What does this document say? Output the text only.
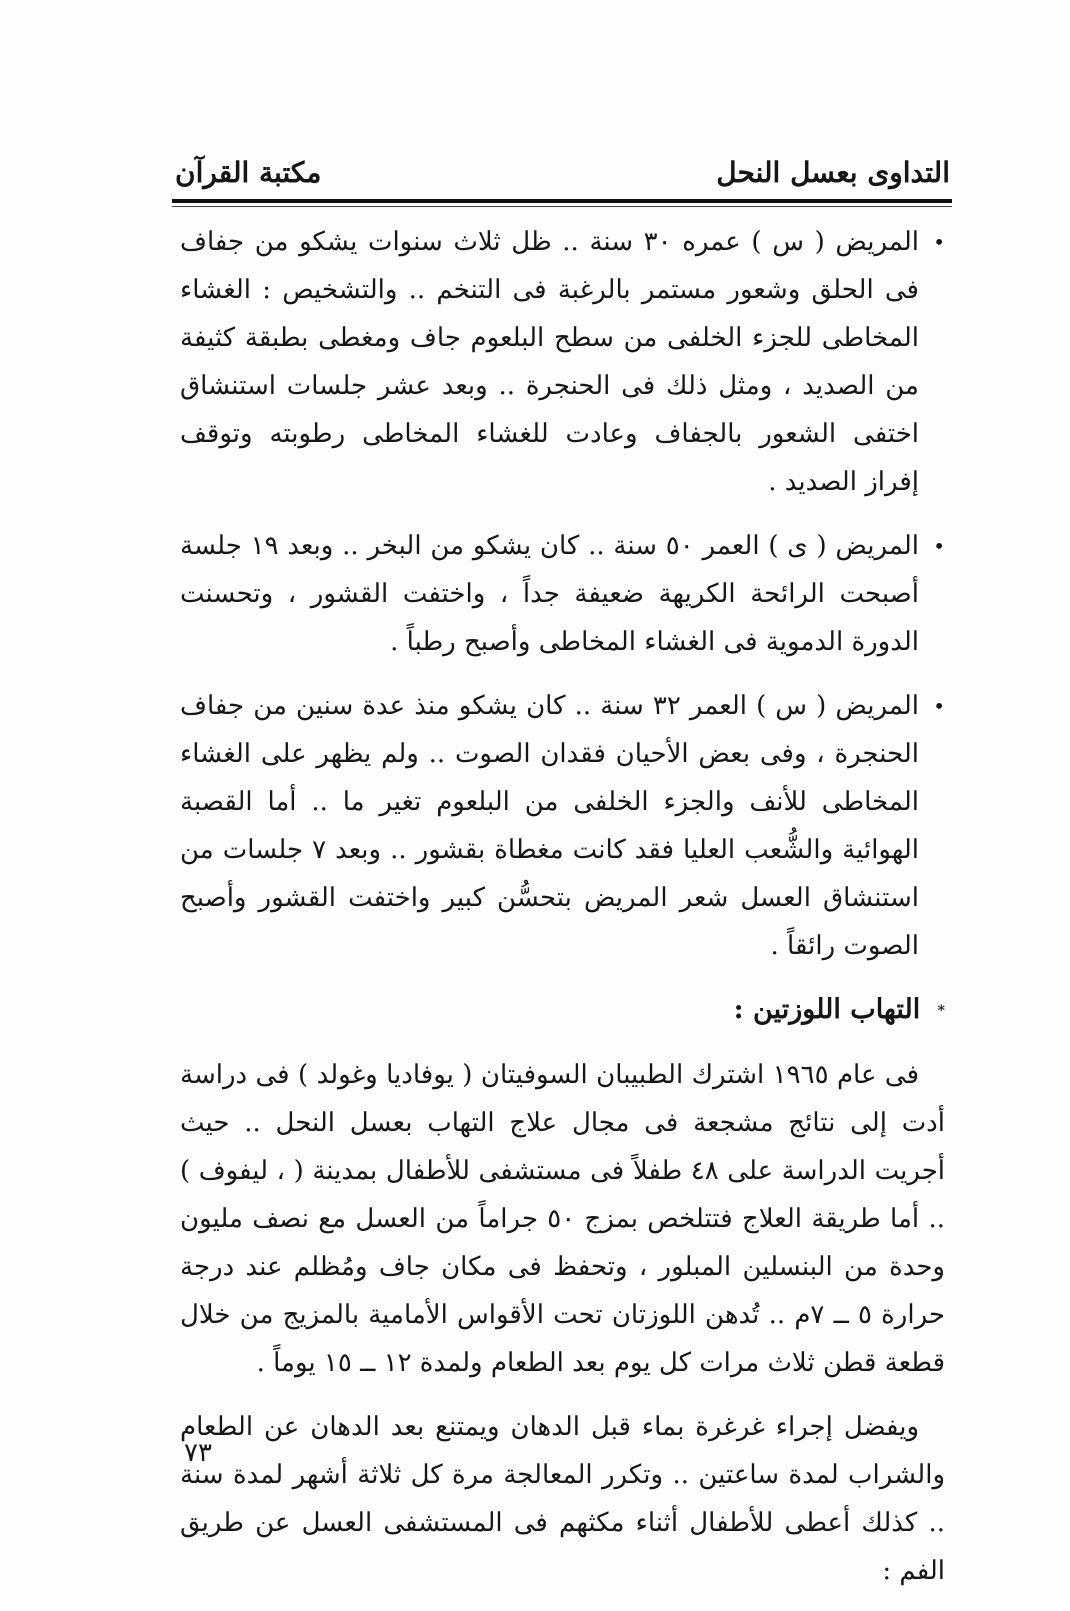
التداوى بعسل النحل
مكتبة القرآن
•

المريض ( س ) عمره ٣٠ سنة .. ظل ثلاث سنوات يشكو من جفاف فى الحلق وشعور مستمر بالرغبة فى التنخم .. والتشخيص : الغشاء المخاطى للجزء الخلفى من سطح البلعوم جاف ومغطى بطبقة كثيفة من الصديد ، ومثل ذلك فى الحنجرة .. وبعد عشر جلسات استنشاق اختفى الشعور بالجفاف وعادت للغشاء المخاطى رطوبته وتوقف إفراز الصديد .

•

المريض ( ى ) العمر ٥٠ سنة .. كان يشكو من البخر .. وبعد ١٩ جلسة أصبحت الرائحة الكريهة ضعيفة جداً ، واختفت القشور ، وتحسنت الدورة الدموية فى الغشاء المخاطى وأصبح رطباً .

•

المريض ( س ) العمر ٣٢ سنة .. كان يشكو منذ عدة سنين من جفاف الحنجرة ، وفى بعض الأحيان فقدان الصوت .. ولم يظهر على الغشاء المخاطى للأنف والجزء الخلفى من البلعوم تغير ما .. أما القصبة الهوائية والشُّعب العليا فقد كانت مغطاة بقشور .. وبعد ٧ جلسات من استنشاق العسل شعر المريض بتحسُّن كبير واختفت القشور وأصبح الصوت رائقاً .

* التهاب اللوزتين :

فى عام ١٩٦٥ اشترك الطبيبان السوفيتان ( يوفاديا وغولد ) فى دراسة أدت إلى نتائج مشجعة فى مجال علاج التهاب بعسل النحل .. حيث أجريت الدراسة على ٤٨ طفلاً فى مستشفى للأطفال بمدينة ( ، ليفوف ) .. أما طريقة العلاج فتتلخص بمزج ٥٠ جراماً من العسل مع نصف مليون وحدة من البنسلين المبلور ، وتحفظ فى مكان جاف ومُظلم عند درجة حرارة ٥ ــ ٧م .. تُدهن اللوزتان تحت الأقواس الأمامية بالمزيج من خلال قطعة قطن ثلاث مرات كل يوم بعد الطعام ولمدة ١٢ ــ ١٥ يوماً .

ويفضل إجراء غرغرة بماء قبل الدهان ويمتنع بعد الدهان عن الطعام والشراب لمدة ساعتين .. وتكرر المعالجة مرة كل ثلاثة أشهر لمدة سنة .. كذلك أعطى للأطفال أثناء مكثهم فى المستشفى العسل عن طريق الفم :

٧٣
